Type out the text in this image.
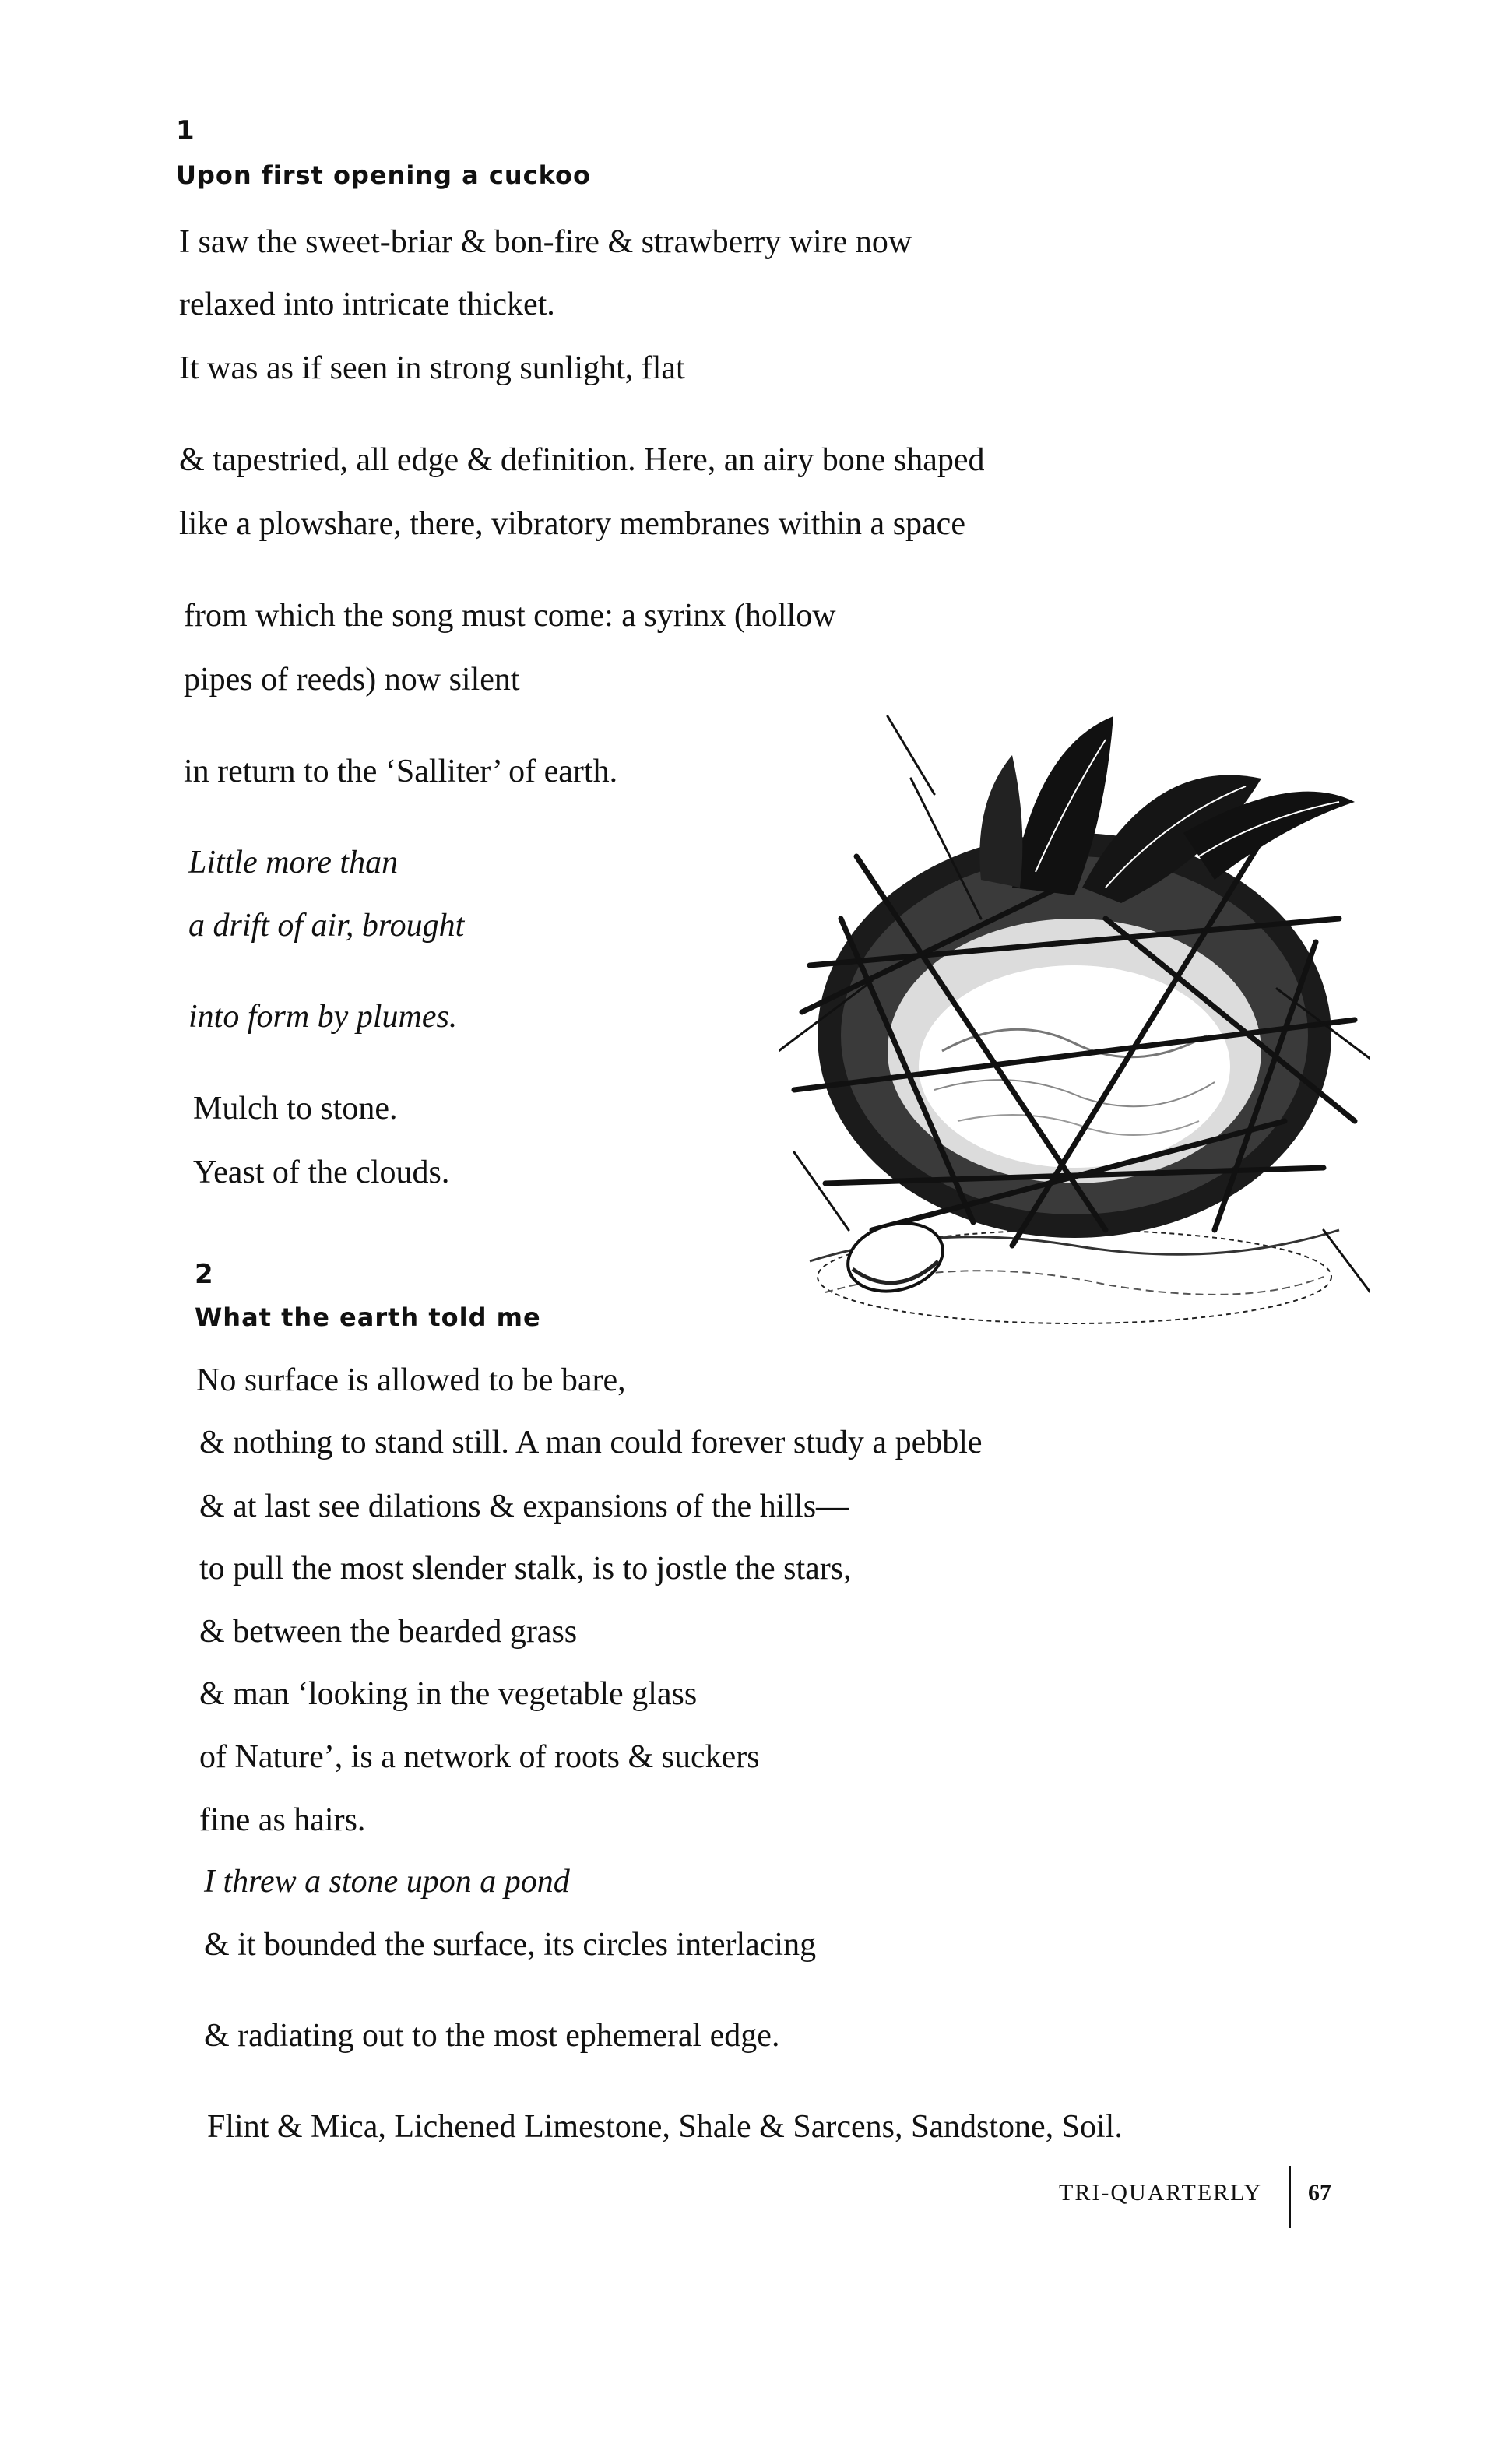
1
Upon first opening a cuckoo
I saw the sweet-briar & bon-fire & strawberry wire now
relaxed into intricate thicket.
It was as if seen in strong sunlight, flat
& tapestried, all edge & definition. Here, an airy bone shaped
like a plowshare, there, vibratory membranes within a space
from which the song must come: a syrinx (hollow
pipes of reeds) now silent
in return to the ‘Salliter’ of earth.
Little more than
a drift of air, brought
into form by plumes.
Mulch to stone.
Yeast of the clouds.
2
What the earth told me
No surface is allowed to be bare,
& nothing to stand still. A man could forever study a pebble
& at last see dilations & expansions of the hills—
to pull the most slender stalk, is to jostle the stars,
& between the bearded grass
& man ‘looking in the vegetable glass
of Nature’, is a network of roots & suckers
fine as hairs.
I threw a stone upon a pond
& it bounded the surface, its circles interlacing
& radiating out to the most ephemeral edge.
Flint & Mica, Lichened Limestone, Shale & Sarcens, Sandstone, Soil.
TRI-QUARTERLY 67
